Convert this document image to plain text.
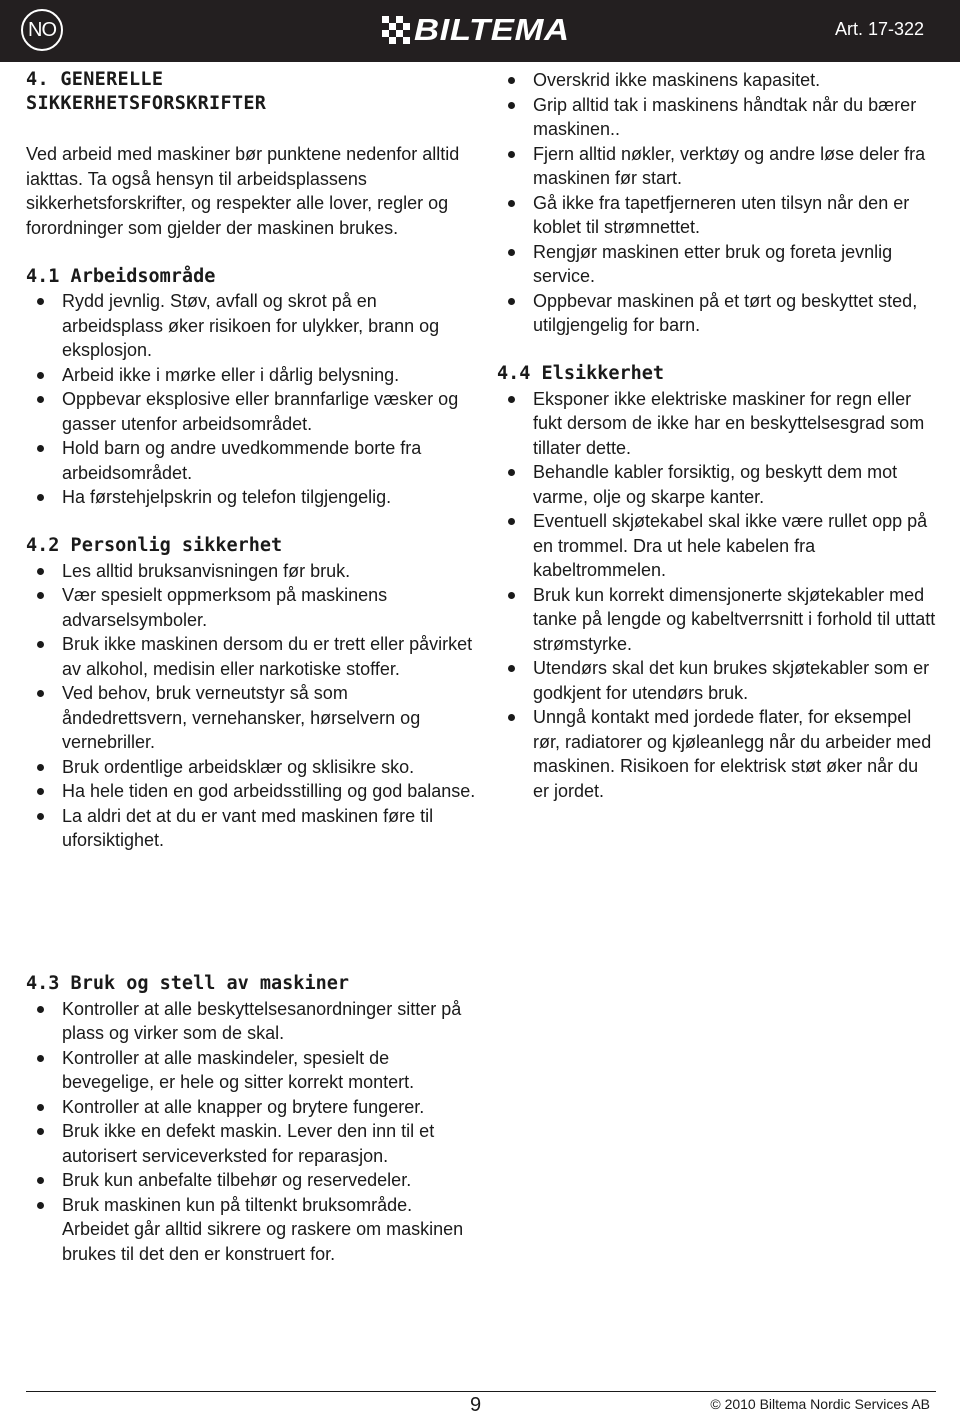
NO	BILTEMA	Art. 17-322
4. GENERELLE
SIKKERHETSFORSKRIFTER

Ved arbeid med maskiner bør punktene nedenfor alltid iakttas. Ta også hensyn til arbeidsplassens sikkerhetsforskrifter, og respekter alle lover, regler og forordninger som gjelder der maskinen brukes.

4.1 Arbeidsområde
Rydd jevnlig. Støv, avfall og skrot på en arbeidsplass øker risikoen for ulykker, brann og eksplosjon.
Arbeid ikke i mørke eller i dårlig belysning.
Oppbevar eksplosive eller brannfarlige væsker og gasser utenfor arbeidsområdet.
Hold barn og andre uvedkommende borte fra arbeidsområdet.
Ha førstehjelpskrin og telefon tilgjengelig.
4.2 Personlig sikkerhet
Les alltid bruksanvisningen før bruk.
Vær spesielt oppmerksom på maskinens advarselsymboler.
Bruk ikke maskinen dersom du er trett eller påvirket av alkohol, medisin eller narkotiske stoffer.
Ved behov, bruk verneutstyr så som åndedrettsvern, vernehansker, hørselvern og vernebriller.
Bruk ordentlige arbeidsklær og sklisikre sko.
Ha hele tiden en god arbeidsstilling og god balanse.
La aldri det at du er vant med maskinen føre til uforsiktighet.
4.3 Bruk og stell av maskiner
Kontroller at alle beskyttelsesanordninger sitter på plass og virker som de skal.
Kontroller at alle maskindeler, spesielt de bevegelige, er hele og sitter korrekt montert.
Kontroller at alle knapper og brytere fungerer.
Bruk ikke en defekt maskin. Lever den inn til et autorisert serviceverksted for reparasjon.
Bruk kun anbefalte tilbehør og reservedeler.
Bruk maskinen kun på tiltenkt bruksområde. Arbeidet går alltid sikrere og raskere om maskinen brukes til det den er konstruert for.
Overskrid ikke maskinens kapasitet.
Grip alltid tak i maskinens håndtak når du bærer maskinen..
Fjern alltid nøkler, verktøy og andre løse deler fra maskinen før start.
Gå ikke fra tapetfjerneren uten tilsyn når den er koblet til strømnettet.
Rengjør maskinen etter bruk og foreta jevnlig service.
Oppbevar maskinen på et tørt og beskyttet sted, utilgjengelig for barn.
4.4 Elsikkerhet
Eksponer ikke elektriske maskiner for regn eller fukt dersom de ikke har en beskyttelsesgrad som tillater dette.
Behandle kabler forsiktig, og beskytt dem mot varme, olje og skarpe kanter.
Eventuell skjøtekabel skal ikke være rullet opp på en trommel. Dra ut hele kabelen fra kabeltrommelen.
Bruk kun korrekt dimensjonerte skjøtekabler med tanke på lengde og kabeltverrsnitt i forhold til uttatt strømstyrke.
Utendørs skal det kun brukes skjøtekabler som er godkjent for utendørs bruk.
Unngå kontakt med jordede flater, for eksempel rør, radiatorer og kjøleanlegg når du arbeider med maskinen. Risikoen for elektrisk støt øker når du er jordet.
9	© 2010 Biltema Nordic Services AB
